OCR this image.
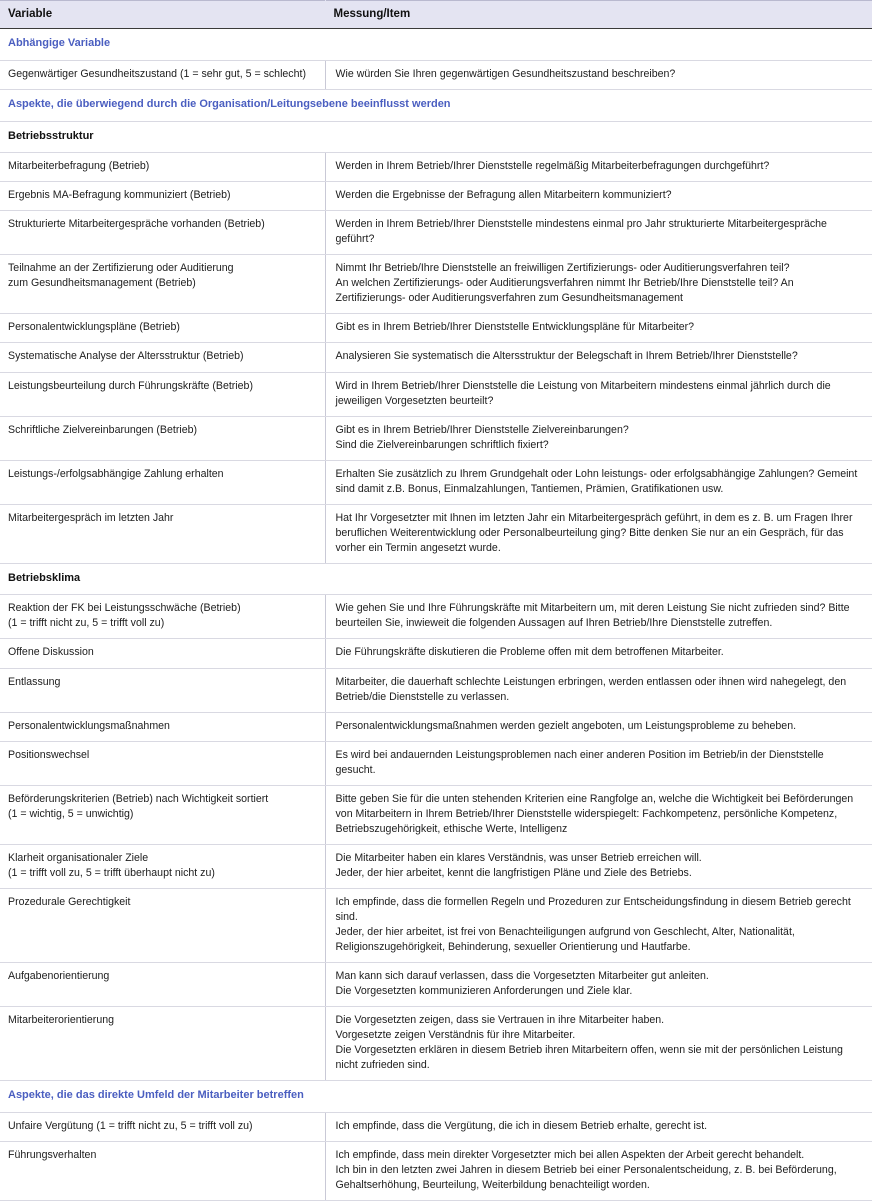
Variable	Messung/Item
Abhängige Variable	

Gegenwärtiger Gesundheitszustand (1 = sehr gut, 5 = schlecht)	Wie würden Sie Ihren gegenwärtigen Gesundheitszustand beschreiben?

Aspekte, die überwiegend durch die Organisation/Leitungsebene beeinflusst werden	
Betriebsstruktur	

Mitarbeiterbefragung (Betrieb)	Werden in Ihrem Betrieb/Ihrer Dienststelle regelmäßig Mitarbeiterbefragungen durchgeführt?

Ergebnis MA-Befragung kommuniziert (Betrieb)	Werden die Ergebnisse der Befragung allen Mitarbeitern kommuniziert?

Strukturierte Mitarbeitergespräche vorhanden (Betrieb)	Werden in Ihrem Betrieb/Ihrer Dienststelle mindestens einmal pro Jahr strukturierte Mitarbeitergespräche geführt?

Teilnahme an der Zertifizierung oder Auditierung
zum Gesundheitsmanagement (Betrieb)	Nimmt Ihr Betrieb/Ihre Dienststelle an freiwilligen Zertifizierungs- oder Auditierungsverfahren teil?
An welchen Zertifizierungs- oder Auditierungsverfahren nimmt Ihr Betrieb/Ihre Dienststelle teil? An Zertifizierungs- oder Auditierungsverfahren zum Gesundheitsmanagement

Personalentwicklungspläne (Betrieb)	Gibt es in Ihrem Betrieb/Ihrer Dienststelle Entwicklungspläne für Mitarbeiter?

Systematische Analyse der Altersstruktur (Betrieb)	Analysieren Sie systematisch die Altersstruktur der Belegschaft in Ihrem Betrieb/Ihrer Dienststelle?

Leistungsbeurteilung durch Führungskräfte (Betrieb)	Wird in Ihrem Betrieb/Ihrer Dienststelle die Leistung von Mitarbeitern mindestens einmal jährlich durch die jeweiligen Vorgesetzten beurteilt?

Schriftliche Zielvereinbarungen (Betrieb)	Gibt es in Ihrem Betrieb/Ihrer Dienststelle Zielvereinbarungen?
Sind die Zielvereinbarungen schriftlich fixiert?

Leistungs-/erfolgsabhängige Zahlung erhalten	Erhalten Sie zusätzlich zu Ihrem Grundgehalt oder Lohn leistungs- oder erfolgsabhängige Zahlungen? Gemeint sind damit z.B. Bonus, Einmalzahlungen, Tantiemen, Prämien, Gratifikationen usw.

Mitarbeitergespräch im letzten Jahr	Hat Ihr Vorgesetzter mit Ihnen im letzten Jahr ein Mitarbeitergespräch geführt, in dem es z. B. um Fragen Ihrer beruflichen Weiterentwicklung oder Personalbeurteilung ging? Bitte denken Sie nur an ein Gespräch, für das vorher ein Termin angesetzt wurde.

Betriebsklima	

Reaktion der FK bei Leistungsschwäche (Betrieb)
(1 = trifft nicht zu, 5 = trifft voll zu)	Wie gehen Sie und Ihre Führungskräfte mit Mitarbeitern um, mit deren Leistung Sie nicht zufrieden sind? Bitte beurteilen Sie, inwieweit die folgenden Aussagen auf Ihren Betrieb/Ihre Dienststelle zutreffen.

Offene Diskussion	Die Führungskräfte diskutieren die Probleme offen mit dem betroffenen Mitarbeiter.

Entlassung	Mitarbeiter, die dauerhaft schlechte Leistungen erbringen, werden entlassen oder ihnen wird nahegelegt, den Betrieb/die Dienststelle zu verlassen.

Personalentwicklungsmaßnahmen	Personalentwicklungsmaßnahmen werden gezielt angeboten, um Leistungsprobleme zu beheben.

Positionswechsel	Es wird bei andauernden Leistungsproblemen nach einer anderen Position im Betrieb/in der Dienststelle gesucht.

Beförderungskriterien (Betrieb) nach Wichtigkeit sortiert
(1 = wichtig, 5 = unwichtig)	Bitte geben Sie für die unten stehenden Kriterien eine Rangfolge an, welche die Wichtigkeit bei Beförderungen von Mitarbeitern in Ihrem Betrieb/Ihrer Dienststelle widerspiegelt: Fachkompetenz, persönliche Kompetenz, Betriebszugehörigkeit, ethische Werte, Intelligenz

Klarheit organisationaler Ziele
(1 = trifft voll zu, 5 = trifft überhaupt nicht zu)	Die Mitarbeiter haben ein klares Verständnis, was unser Betrieb erreichen will.
Jeder, der hier arbeitet, kennt die langfristigen Pläne und Ziele des Betriebs.

Prozedurale Gerechtigkeit	Ich empfinde, dass die formellen Regeln und Prozeduren zur Entscheidungsfindung in diesem Betrieb gerecht sind.
Jeder, der hier arbeitet, ist frei von Benachteiligungen aufgrund von Geschlecht, Alter, Nationalität, Religionszugehörigkeit, Behinderung, sexueller Orientierung und Hautfarbe.

Aufgabenorientierung	Man kann sich darauf verlassen, dass die Vorgesetzten Mitarbeiter gut anleiten.
Die Vorgesetzten kommunizieren Anforderungen und Ziele klar.

Mitarbeiterorientierung	Die Vorgesetzten zeigen, dass sie Vertrauen in ihre Mitarbeiter haben.
Vorgesetzte zeigen Verständnis für ihre Mitarbeiter.
Die Vorgesetzten erklären in diesem Betrieb ihren Mitarbeitern offen, wenn sie mit der persönlichen Leistung nicht zufrieden sind.

Aspekte, die das direkte Umfeld der Mitarbeiter betreffen	

Unfaire Vergütung (1 = trifft nicht zu, 5 = trifft voll zu)	Ich empfinde, dass die Vergütung, die ich in diesem Betrieb erhalte, gerecht ist.

Führungsverhalten	Ich empfinde, dass mein direkter Vorgesetzter mich bei allen Aspekten der Arbeit gerecht behandelt.
Ich bin in den letzten zwei Jahren in diesem Betrieb bei einer Personalentscheidung, z. B. bei Beförderung, Gehaltserhöhung, Beurteilung, Weiterbildung benachteiligt worden.
